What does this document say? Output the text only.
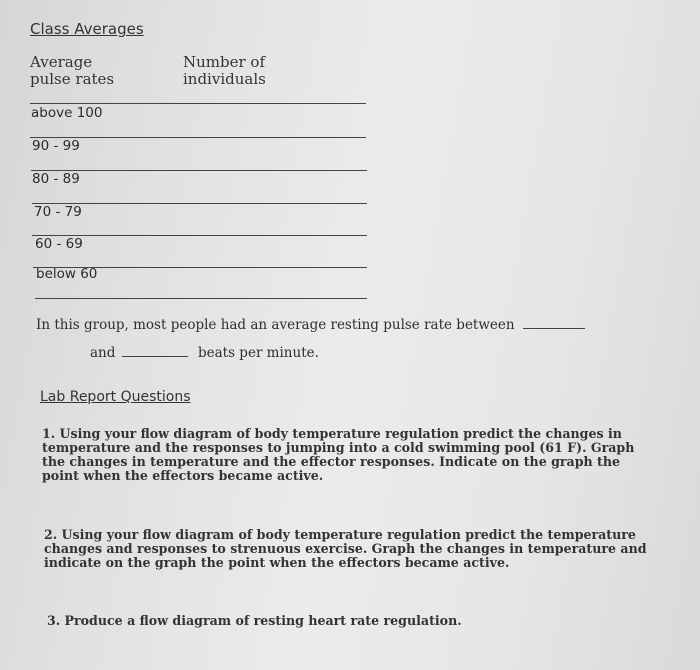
Class Averages
Average
pulse rates
Number of
individuals
above 100
90 - 99
80 - 89
70 - 79
60 - 69
below 60
In this group, most people had an average resting pulse rate between
and	beats per minute.
Lab Report Questions
1. Using your flow diagram of body temperature regulation predict the changes in
temperature and the responses to jumping into a cold swimming pool (61 F). Graph
the changes in temperature and the effector responses. Indicate on the graph the
point when the effectors became active.
2. Using your flow diagram of body temperature regulation predict the temperature
changes and responses to strenuous exercise. Graph the changes in temperature and
indicate on the graph the point when the effectors became active.
3. Produce a flow diagram of resting heart rate regulation.
